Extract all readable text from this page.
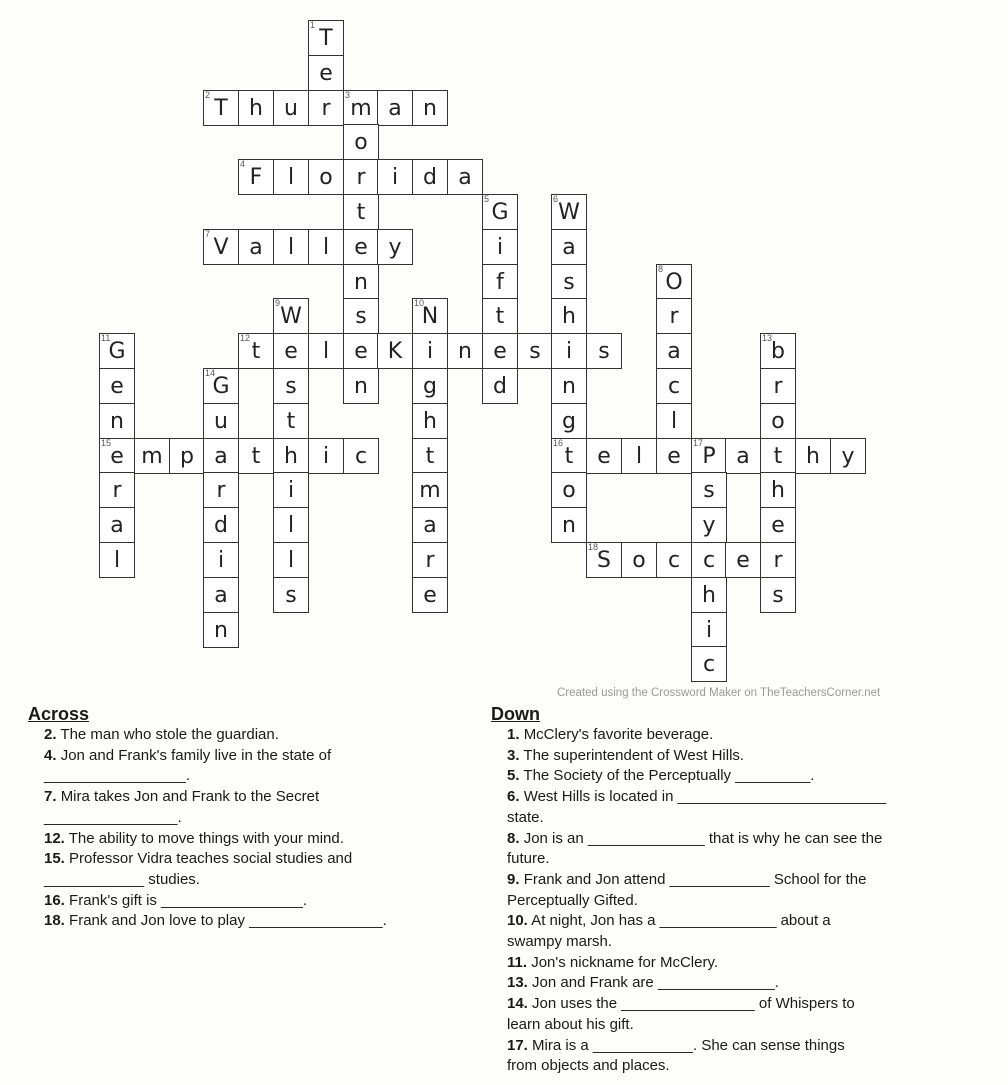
1
T
e
2
T h u	r
3
m a n
o
4
F	l	o	r	i	d a
t
5
G
6
W
7
V a	l	l	e y	i	a
n	f	s
8
O
9
W	s
10
N	t	h	r
11
G
12
t	e	l	e K	i	n e	s	i	s	a
13
b
e
14
G	s	n	g	d	n	c	r
n	u	t	h	g	l	o
15
e m p a	t	h	i	c	t
16
t	e	l	e
17
P a	t	h y
r	r	i	m	o	s	h
a	d	l	a	n	y	e
l	i	l	r
18
S o	c	c e	r
a	s	e	h	s
n	i
c
Created using the Crossword Maker on TheTeachersCorner.net
Across
2. The man who stole the guardian.
4. Jon and Frank's family live in the state of
_________________.
7. Mira takes Jon and Frank to the Secret
________________.
12. The ability to move things with your mind.
15. Professor Vidra teaches social studies and
____________ studies.
16. Frank's gift is _________________.
18. Frank and Jon love to play ________________.
Down
1. McClery's favorite beverage.
3. The superintendent of West Hills.
5. The Society of the Perceptually _________.
6. West Hills is located in _________________________
state.
8. Jon is an ______________ that is why he can see the
future.
9. Frank and Jon attend ____________ School for the
Perceptually Gifted.
10. At night, Jon has a ______________ about a
swampy marsh.
11. Jon's nickname for McClery.
13. Jon and Frank are ______________.
14. Jon uses the ________________ of Whispers to
learn about his gift.
17. Mira is a ____________. She can sense things
from objects and places.
